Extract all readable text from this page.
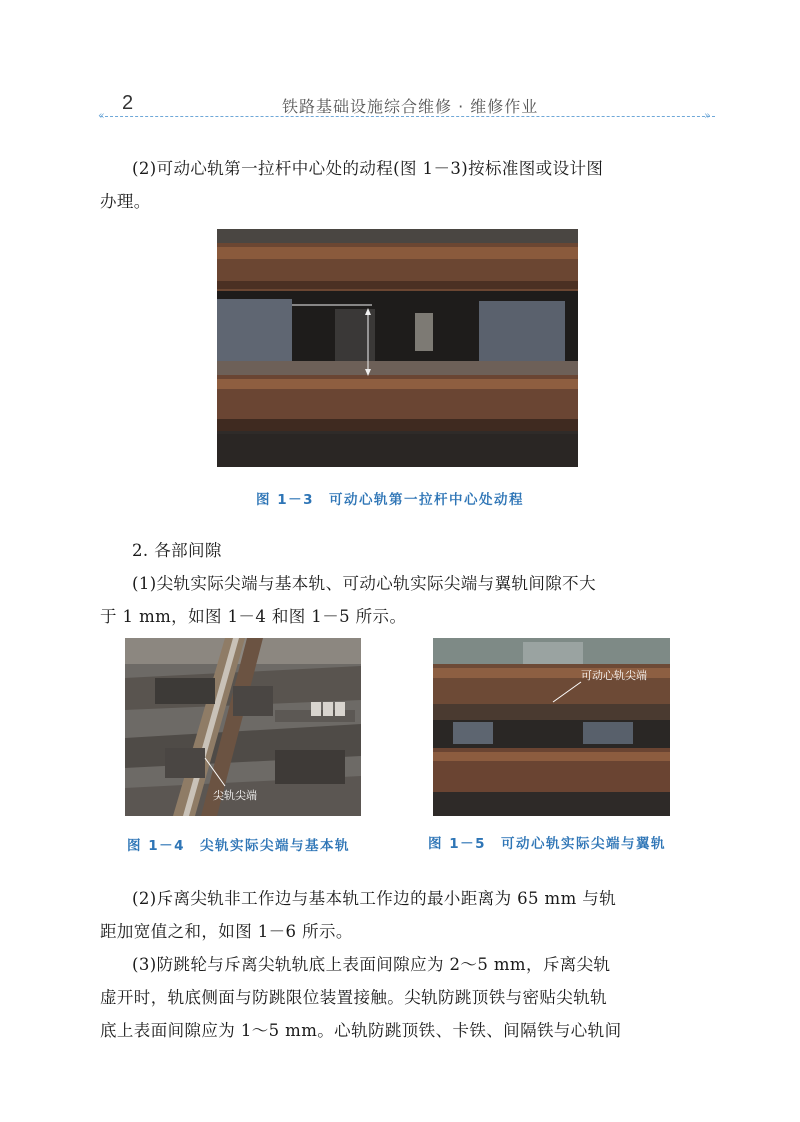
2	铁路基础设施综合维修 · 维修作业
«	»
(2)可动心轨第一拉杆中心处的动程(图 1－3)按标准图或设计图
办理。
图 1－3　可动心轨第一拉杆中心处动程
2. 各部间隙
(1)尖轨实际尖端与基本轨、可动心轨实际尖端与翼轨间隙不大
于 1 mm，如图 1－4 和图 1－5 所示。
尖轨尖端
图 1－4　尖轨实际尖端与基本轨
可动心轨尖端
图 1－5　可动心轨实际尖端与翼轨
(2)斥离尖轨非工作边与基本轨工作边的最小距离为 65 mm 与轨
距加宽值之和，如图 1－6 所示。
(3)防跳轮与斥离尖轨轨底上表面间隙应为 2～5 mm，斥离尖轨
虚开时，轨底侧面与防跳限位装置接触。尖轨防跳顶铁与密贴尖轨轨
底上表面间隙应为 1～5 mm。心轨防跳顶铁、卡铁、间隔铁与心轨间
